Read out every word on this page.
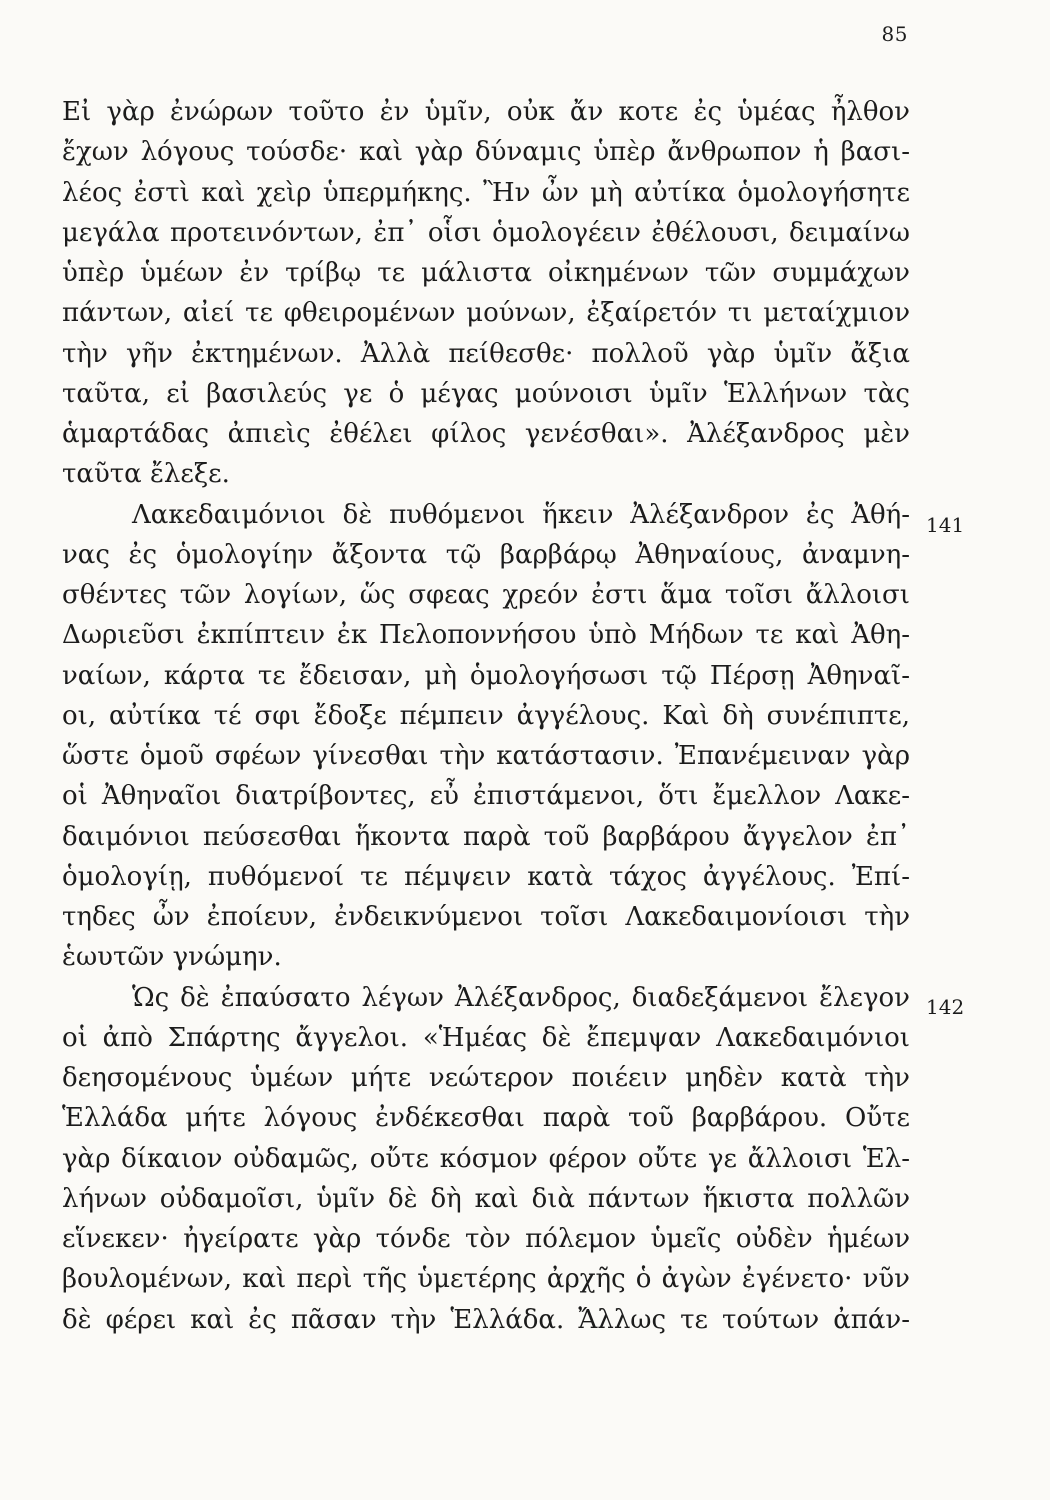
85
Εἰ γὰρ ἐνώρων τοῦτο ἐν ὑμῖν, οὐκ ἄν κοτε ἐς ὑμέας ἦλθον
ἔχων λόγους τούσδε· καὶ γὰρ δύναμις ὑπὲρ ἄνθρωπον ἡ βασι-
λέος ἐστὶ καὶ χεὶρ ὑπερμήκης. Ἢν ὦν μὴ αὐτίκα ὁμολογήσητε
μεγάλα προτεινόντων, ἐπ᾽ οἷσι ὁμολογέειν ἐθέλουσι, δειμαίνω
ὑπὲρ ὑμέων ἐν τρίβῳ τε μάλιστα οἰκημένων τῶν συμμάχων
πάντων, αἰεί τε φθειρομένων μούνων, ἐξαίρετόν τι μεταίχμιον
τὴν γῆν ἐκτημένων. Ἀλλὰ πείθεσθε· πολλοῦ γὰρ ὑμῖν ἄξια
ταῦτα, εἰ βασιλεύς γε ὁ μέγας μούνοισι ὑμῖν Ἑλλήνων τὰς
ἁμαρτάδας ἀπιεὶς ἐθέλει φίλος γενέσθαι». Ἀλέξανδρος μὲν
ταῦτα ἔλεξε.
Λακεδαιμόνιοι δὲ πυθόμενοι ἥκειν Ἀλέξανδρον ἐς Ἀθή-
νας ἐς ὁμολογίην ἄξοντα τῷ βαρβάρῳ Ἀθηναίους, ἀναμνη-
σθέντες τῶν λογίων, ὥς σφεας χρεόν ἐστι ἅμα τοῖσι ἄλλοισι
Δωριεῦσι ἐκπίπτειν ἐκ Πελοποννήσου ὑπὸ Μήδων τε καὶ Ἀθη-
ναίων, κάρτα τε ἔδεισαν, μὴ ὁμολογήσωσι τῷ Πέρσῃ Ἀθηναῖ-
οι, αὐτίκα τέ σφι ἔδοξε πέμπειν ἀγγέλους. Καὶ δὴ συνέπιπτε,
ὥστε ὁμοῦ σφέων γίνεσθαι τὴν κατάστασιν. Ἐπανέμειναν γὰρ
οἱ Ἀθηναῖοι διατρίβοντες, εὖ ἐπιστάμενοι, ὅτι ἔμελλον Λακε-
δαιμόνιοι πεύσεσθαι ἥκοντα παρὰ τοῦ βαρβάρου ἄγγελον ἐπ᾽
ὁμολογίῃ, πυθόμενοί τε πέμψειν κατὰ τάχος ἀγγέλους. Ἐπί-
τηδες ὦν ἐποίευν, ἐνδεικνύμενοι τοῖσι Λακεδαιμονίοισι τὴν
ἑωυτῶν γνώμην.
Ὡς δὲ ἐπαύσατο λέγων Ἀλέξανδρος, διαδεξάμενοι ἔλεγον
οἱ ἀπὸ Σπάρτης ἄγγελοι. «Ἡμέας δὲ ἔπεμψαν Λακεδαιμόνιοι
δεησομένους ὑμέων μήτε νεώτερον ποιέειν μηδὲν κατὰ τὴν
Ἑλλάδα μήτε λόγους ἐνδέκεσθαι παρὰ τοῦ βαρβάρου. Οὔτε
γὰρ δίκαιον οὐδαμῶς, οὔτε κόσμον φέρον οὔτε γε ἄλλοισι Ἑλ-
λήνων οὐδαμοῖσι, ὑμῖν δὲ δὴ καὶ διὰ πάντων ἥκιστα πολλῶν
εἵνεκεν· ἠγείρατε γὰρ τόνδε τὸν πόλεμον ὑμεῖς οὐδὲν ἡμέων
βουλομένων, καὶ περὶ τῆς ὑμετέρης ἀρχῆς ὁ ἀγὼν ἐγένετο· νῦν
δὲ φέρει καὶ ἐς πᾶσαν τὴν Ἑλλάδα. Ἄλλως τε τούτων ἀπάν-
141
142
